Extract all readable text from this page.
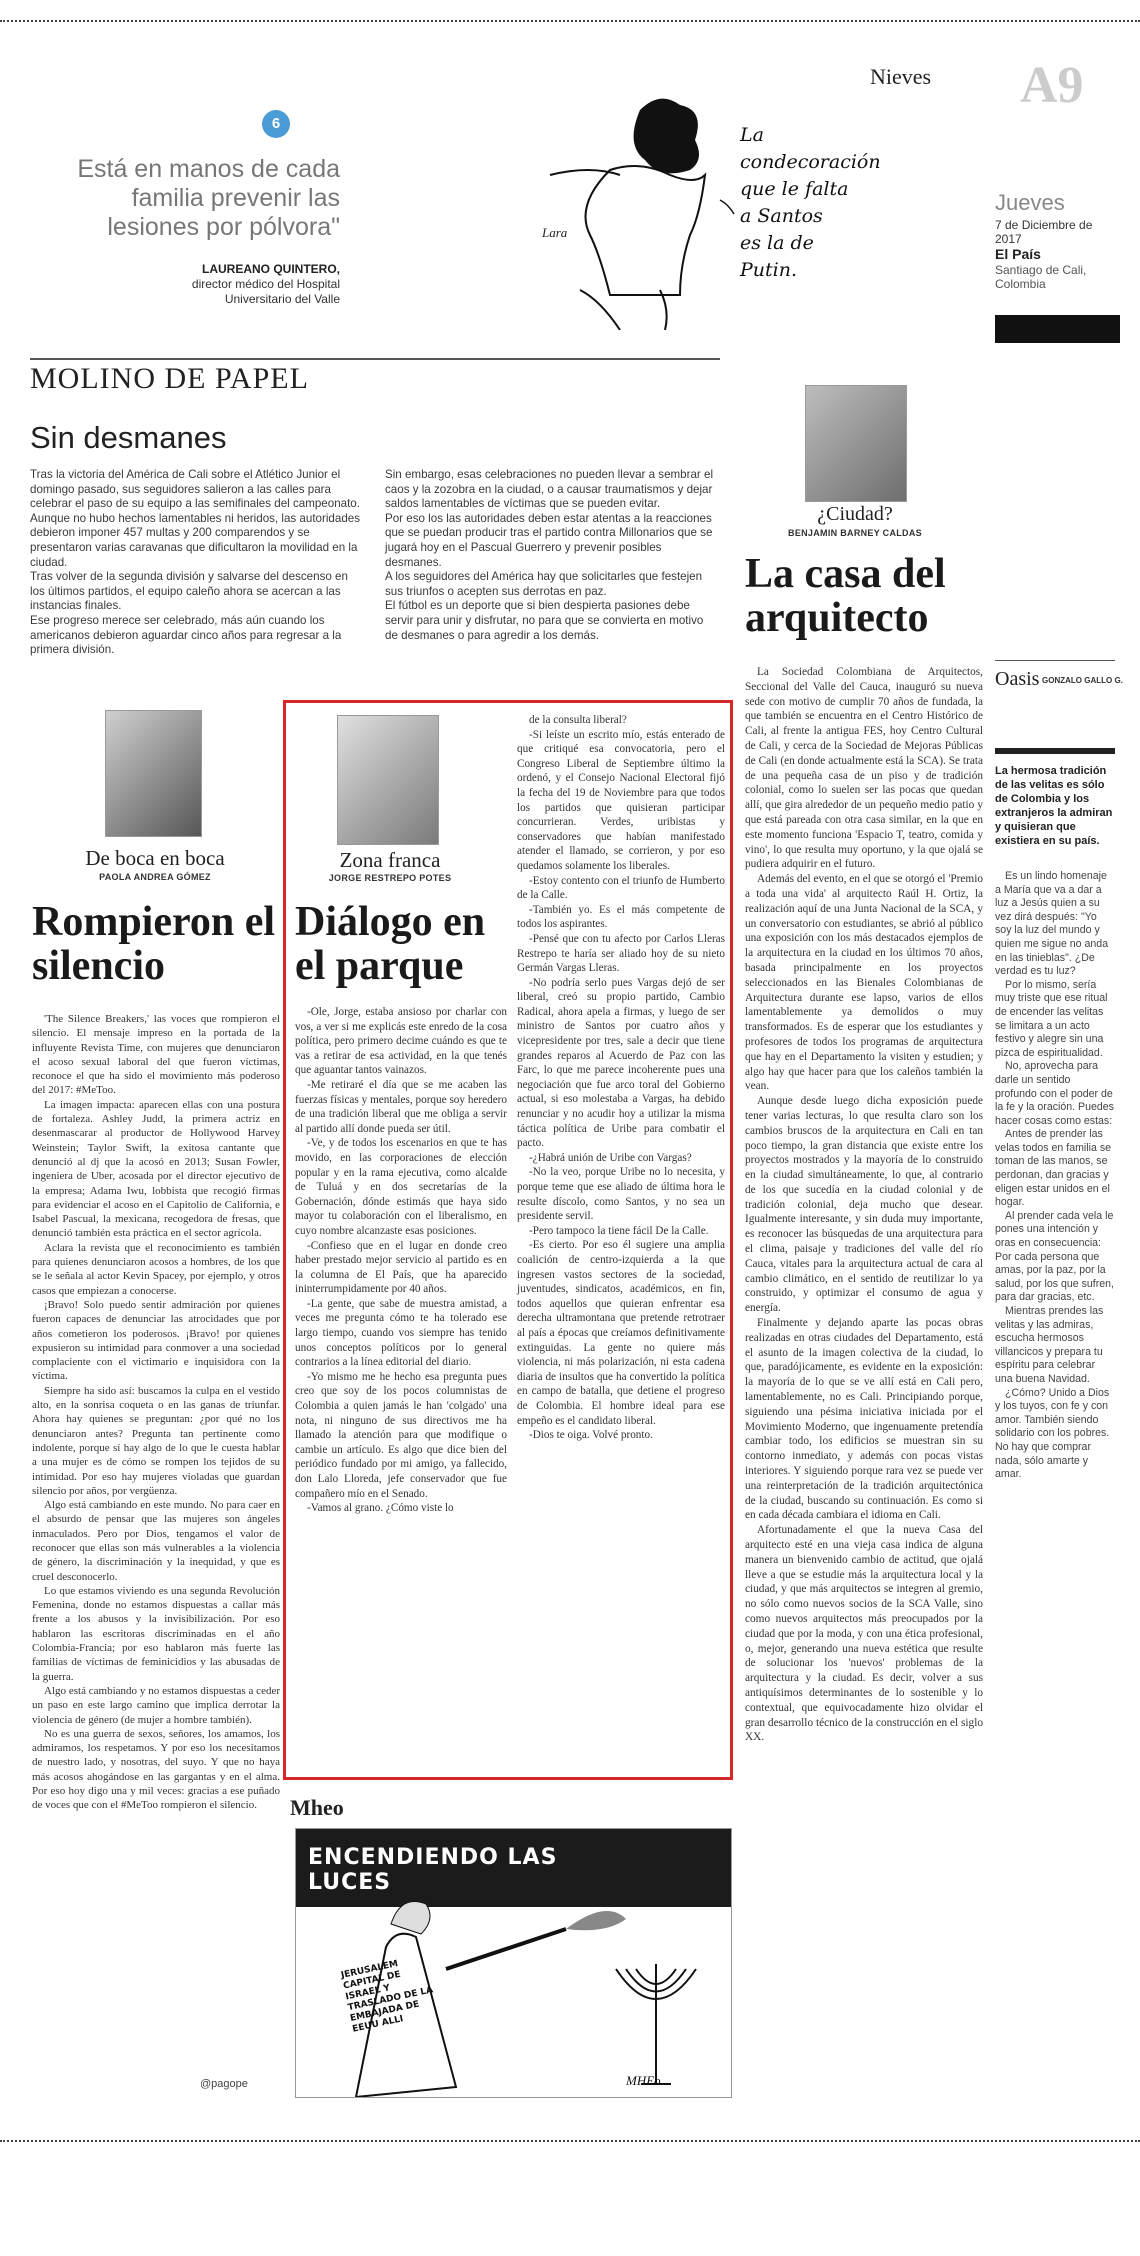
6
Está en manos de cada familia prevenir las lesiones por pólvora"
LAUREANO QUINTERO,
director médico del Hospital Universitario del Valle
Lara
La
condecoración
que le falta
a Santos
es la de
Putin.
Nieves A9
Jueves
7 de Diciembre de 2017
El País
Santiago de Cali, Colombia
MOLINO DE PAPEL
Sin desmanes

Tras la victoria del América de Cali sobre el Atlético Junior el domingo pasado, sus seguidores salieron a las calles para celebrar el paso de su equipo a las semifinales del campeonato.

Aunque no hubo hechos lamentables ni heridos, las autoridades debieron imponer 457 multas y 200 comparendos y se presentaron varias caravanas que dificultaron la movilidad en la ciudad.

Tras volver de la segunda división y salvarse del descenso en los últimos partidos, el equipo caleño ahora se acercan a las instancias finales.

Ese progreso merece ser celebrado, más aún cuando los americanos debieron aguardar cinco años para regresar a la primera división.

Sin embargo, esas celebraciones no pueden llevar a sembrar el caos y la zozobra en la ciudad, o a causar traumatismos y dejar saldos lamentables de víctimas que se pueden evitar.

Por eso los las autoridades deben estar atentas a la reacciones que se puedan producir tras el partido contra Millonarios que se jugará hoy en el Pascual Guerrero y prevenir posibles desmanes.

A los seguidores del América hay que solicitarles que festejen sus triunfos o acepten sus derrotas en paz.

El fútbol es un deporte que si bien despierta pasiones debe servir para unir y disfrutar, no para que se convierta en motivo de desmanes o para agredir a los demás.

¿Ciudad?
BENJAMIN BARNEY CALDAS
La casa del arquitecto

La Sociedad Colombiana de Arquitectos, Seccional del Valle del Cauca, inauguró su nueva sede con motivo de cumplir 70 años de fundada, la que también se encuentra en el Centro Histórico de Cali, al frente la antigua FES, hoy Centro Cultural de Cali, y cerca de la Sociedad de Mejoras Públicas de Cali (en donde actualmente está la SCA). Se trata de una pequeña casa de un piso y de tradición colonial, como lo suelen ser las pocas que quedan allí, que gira alrededor de un pequeño medio patio y que está pareada con otra casa similar, en la que en este momento funciona 'Espacio T, teatro, comida y vino', lo que resulta muy oportuno, y la que ojalá se pudiera adquirir en el futuro.

Además del evento, en el que se otorgó el 'Premio a toda una vida' al arquitecto Raúl H. Ortiz, la realización aquí de una Junta Nacional de la SCA, y un conversatorio con estudiantes, se abrió al público una exposición con los más destacados ejemplos de la arquitectura en la ciudad en los últimos 70 años, basada principalmente en los proyectos seleccionados en las Bienales Colombianas de Arquitectura durante ese lapso, varios de ellos lamentablemente ya demolidos o muy transformados. Es de esperar que los estudiantes y profesores de todos los programas de arquitectura que hay en el Departamento la visiten y estudien; y algo hay que hacer para que los caleños también la vean.

Aunque desde luego dicha exposición puede tener varias lecturas, lo que resulta claro son los cambios bruscos de la arquitectura en Cali en tan poco tiempo, la gran distancia que existe entre los proyectos mostrados y la mayoría de lo construido en la ciudad simultáneamente, lo que, al contrario de los que sucedía en la ciudad colonial y de tradición colonial, deja mucho que desear. Igualmente interesante, y sin duda muy importante, es reconocer las búsquedas de una arquitectura para el clima, paisaje y tradiciones del valle del río Cauca, vitales para la arquitectura actual de cara al cambio climático, en el sentido de reutilizar lo ya construido, y optimizar el consumo de agua y energía.

Finalmente y dejando aparte las pocas obras realizadas en otras ciudades del Departamento, está el asunto de la imagen colectiva de la ciudad, lo que, paradójicamente, es evidente en la exposición: la mayoría de lo que se ve allí está en Cali pero, lamentablemente, no es Cali. Principiando porque, siguiendo una pésima iniciativa iniciada por el Movimiento Moderno, que ingenuamente pretendía cambiar todo, los edificios se muestran sin su contorno inmediato, y además con pocas vistas interiores. Y siguiendo porque rara vez se puede ver una reinterpretación de la tradición arquitectónica de la ciudad, buscando su continuación. Es como si en cada década cambiara el idioma en Cali.

Afortunadamente el que la nueva Casa del arquitecto esté en una vieja casa indica de alguna manera un bienvenido cambio de actitud, que ojalá lleve a que se estudie más la arquitectura local y la ciudad, y que más arquitectos se integren al gremio, no sólo como nuevos socios de la SCA Valle, sino como nuevos arquitectos más preocupados por la ciudad que por la moda, y con una ética profesional, o, mejor, generando una nueva estética que resulte de solucionar los 'nuevos' problemas de la arquitectura y la ciudad. Es decir, volver a sus antiquísimos determinantes de lo sostenible y lo contextual, que equivocadamente hizo olvidar el gran desarrollo técnico de la construcción en el siglo XX.

Oasis GONZALO GALLO G.
La hermosa tradición de las velitas es sólo de Colombia y los extranjeros la admiran y quisieran que existiera en su país.

Es un lindo homenaje a María que va a dar a luz a Jesús quien a su vez dirá después: "Yo soy la luz del mundo y quien me sigue no anda en las tinieblas". ¿De verdad es tu luz?

Por lo mismo, sería muy triste que ese ritual de encender las velitas se limitara a un acto festivo y alegre sin una pizca de espiritualidad.

No, aprovecha para darle un sentido profundo con el poder de la fe y la oración. Puedes hacer cosas como estas:

Antes de prender las velas todos en familia se toman de las manos, se perdonan, dan gracias y eligen estar unidos en el hogar.

Al prender cada vela le pones una intención y oras en consecuencia: Por cada persona que amas, por la paz, por la salud, por los que sufren, para dar gracias, etc.

Mientras prendes las velitas y las admiras, escucha hermosos villancicos y prepara tu espíritu para celebrar una buena Navidad.

¿Cómo? Unido a Dios y los tuyos, con fe y con amor. También siendo solidario con los pobres. No hay que comprar nada, sólo amarte y amar.

De boca en boca
PAOLA ANDREA GÓMEZ
Rompieron el silencio

'The Silence Breakers,' las voces que rompieron el silencio. El mensaje impreso en la portada de la influyente Revista Time, con mujeres que denunciaron el acoso sexual laboral del que fueron víctimas, reconoce el que ha sido el movimiento más poderoso del 2017: #MeToo.

La imagen impacta: aparecen ellas con una postura de fortaleza. Ashley Judd, la primera actriz en desenmascarar al productor de Hollywood Harvey Weinstein; Taylor Swift, la exitosa cantante que denunció al dj que la acosó en 2013; Susan Fowler, ingeniera de Uber, acosada por el director ejecutivo de la empresa; Adama Iwu, lobbista que recogió firmas para evidenciar el acoso en el Capitolio de California, e Isabel Pascual, la mexicana, recogedora de fresas, que denunció también esta práctica en el sector agrícola.

Aclara la revista que el reconocimiento es también para quienes denunciaron acosos a hombres, de los que se le señala al actor Kevin Spacey, por ejemplo, y otros casos que empiezan a conocerse.

¡Bravo! Solo puedo sentir admiración por quienes fueron capaces de denunciar las atrocidades que por años cometieron los poderosos. ¡Bravo! por quienes expusieron su intimidad para conmover a una sociedad complaciente con el victimario e inquisidora con la víctima.

Siempre ha sido así: buscamos la culpa en el vestido alto, en la sonrisa coqueta o en las ganas de triunfar. Ahora hay quienes se preguntan: ¿por qué no los denunciaron antes? Pregunta tan pertinente como indolente, porque sí hay algo de lo que le cuesta hablar a una mujer es de cómo se rompen los tejidos de su intimidad. Por eso hay mujeres violadas que guardan silencio por años, por vergüenza.

Algo está cambiando en este mundo. No para caer en el absurdo de pensar que las mujeres son ángeles inmaculados. Pero por Dios, tengamos el valor de reconocer que ellas son más vulnerables a la violencia de género, la discriminación y la inequidad, y que es cruel desconocerlo.

Lo que estamos viviendo es una segunda Revolución Femenina, donde no estamos dispuestas a callar más frente a los abusos y la invisibilización. Por eso hablaron las escritoras discriminadas en el año Colombia-Francia; por eso hablaron más fuerte las familias de víctimas de feminicidios y las abusadas de la guerra.

Algo está cambiando y no estamos dispuestas a ceder un paso en este largo camino que implica derrotar la violencia de género (de mujer a hombre también).

No es una guerra de sexos, señores, los amamos, los admiramos, los respetamos. Y por eso los necesitamos de nuestro lado, y nosotras, del suyo. Y que no haya más acosos ahogándose en las gargantas y en el alma. Por eso hoy digo una y mil veces: gracias a ese puñado de voces que con el #MeToo rompieron el silencio.

@pagope
Zona franca
JORGE RESTREPO POTES
Diálogo en el parque

-Ole, Jorge, estaba ansioso por charlar con vos, a ver si me explicás este enredo de la cosa política, pero primero decime cuándo es que te vas a retirar de esa actividad, en la que tenés que aguantar tantos vainazos.

-Me retiraré el día que se me acaben las fuerzas físicas y mentales, porque soy heredero de una tradición liberal que me obliga a servir al partido allí donde pueda ser útil.

-Ve, y de todos los escenarios en que te has movido, en las corporaciones de elección popular y en la rama ejecutiva, como alcalde de Tuluá y en dos secretarías de la Gobernación, dónde estimás que haya sido mayor tu colaboración con el liberalismo, en cuyo nombre alcanzaste esas posiciones.

-Confieso que en el lugar en donde creo haber prestado mejor servicio al partido es en la columna de El País, que ha aparecido ininterrumpidamente por 40 años.

-La gente, que sabe de muestra amistad, a veces me pregunta cómo te ha tolerado ese largo tiempo, cuando vos siempre has tenido unos conceptos políticos por lo general contrarios a la línea editorial del diario.

-Yo mismo me he hecho esa pregunta pues creo que soy de los pocos columnistas de Colombia a quien jamás le han 'colgado' una nota, ni ninguno de sus directivos me ha llamado la atención para que modifique o cambie un artículo. Es algo que dice bien del periódico fundado por mi amigo, ya fallecido, don Lalo Lloreda, jefe conservador que fue compañero mío en el Senado.

-Vamos al grano. ¿Cómo viste lo

de la consulta liberal?

-Si leíste un escrito mío, estás enterado de que critiqué esa convocatoria, pero el Congreso Liberal de Septiembre último la ordenó, y el Consejo Nacional Electoral fijó la fecha del 19 de Noviembre para que todos los partidos que quisieran participar concurrieran. Verdes, uribistas y conservadores que habían manifestado atender el llamado, se corrieron, y por eso quedamos solamente los liberales.

-Estoy contento con el triunfo de Humberto de la Calle.

-También yo. Es el más competente de todos los aspirantes.

-Pensé que con tu afecto por Carlos Lleras Restrepo te haría ser aliado hoy de su nieto Germán Vargas Lleras.

-No podría serlo pues Vargas dejó de ser liberal, creó su propio partido, Cambio Radical, ahora apela a firmas, y luego de ser ministro de Santos por cuatro años y vicepresidente por tres, sale a decir que tiene grandes reparos al Acuerdo de Paz con las Farc, lo que me parece incoherente pues una negociación que fue arco toral del Gobierno actual, si eso molestaba a Vargas, ha debido renunciar y no acudir hoy a utilizar la misma táctica política de Uribe para combatir el pacto.

-¿Habrá unión de Uribe con Vargas?

-No la veo, porque Uribe no lo necesita, y porque teme que ese aliado de última hora le resulte díscolo, como Santos, y no sea un presidente servil.

-Pero tampoco la tiene fácil De la Calle.

-Es cierto. Por eso él sugiere una amplia coalición de centro-izquierda a la que ingresen vastos sectores de la sociedad, juventudes, sindicatos, académicos, en fin, todos aquellos que quieran enfrentar esa derecha ultramontana que pretende retrotraer al país a épocas que creíamos definitivamente extinguidas. La gente no quiere más violencia, ni más polarización, ni esta cadena diaria de insultos que ha convertido la política en campo de batalla, que detiene el progreso de Colombia. El hombre ideal para ese empeño es el candidato liberal.

-Dios te oiga. Volvé pronto.

Mheo
ENCENDIENDO LAS LUCES
JERUSALEM CAPITAL DE ISRAEL Y TRASLADO DE LA EMBAJADA DE EEUU ALLI
MHEo
